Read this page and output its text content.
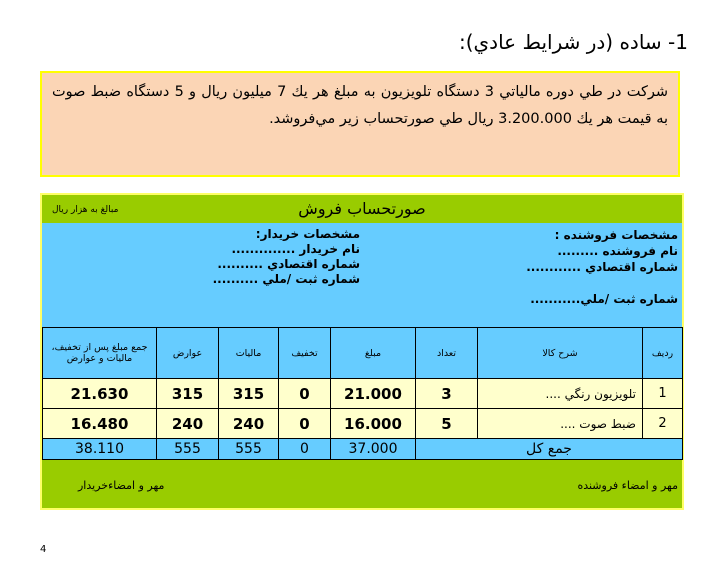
1- ساده (در شرايط عادي):
شركت در طي دوره مالياتي 3 دستگاه تلويزيون به مبلغ هر يك 7 ميليون ريال و 5 دستگاه ضبط صوت به قيمت هر يك 3.200.000 ريال طي صورتحساب زير مي‌فروشد.
صورتحساب فروش
مبالغ به هزار ريال
مشخصات فروشنده :
نام فروشنده .........
شماره اقتصادي ............
شماره ثبت /ملي...........
مشخصات خريدار:
نام خريدار ..............
شماره اقتصادي ..........
شماره ثبت /ملي ..........
جمع مبلغ پس از تخفيف، ماليات و عوارض	عوارض	ماليات	تخفيف	مبلغ	تعداد	شرح كالا	رديف
21.630	315	315	0	21.000	3	تلويزيون رنگي ....	1
16.480	240	240	0	16.000	5	ضبط صوت ....	2
38.110	555	555	0	37.000	جمع كل		
مهر و امضاء فروشنده
مهر و امضاءخريدار
4
